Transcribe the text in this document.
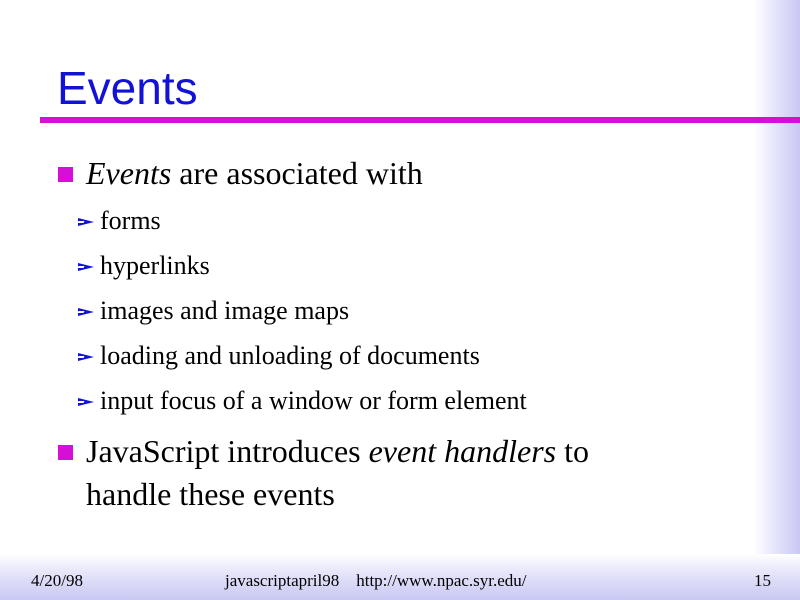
Events
Events are associated with
forms
hyperlinks
images and image maps
loading and unloading of documents
input focus of a window or form element
JavaScript introduces event handlers to
handle these events
4/20/98	javascriptapril98    http://www.npac.syr.edu/	15
